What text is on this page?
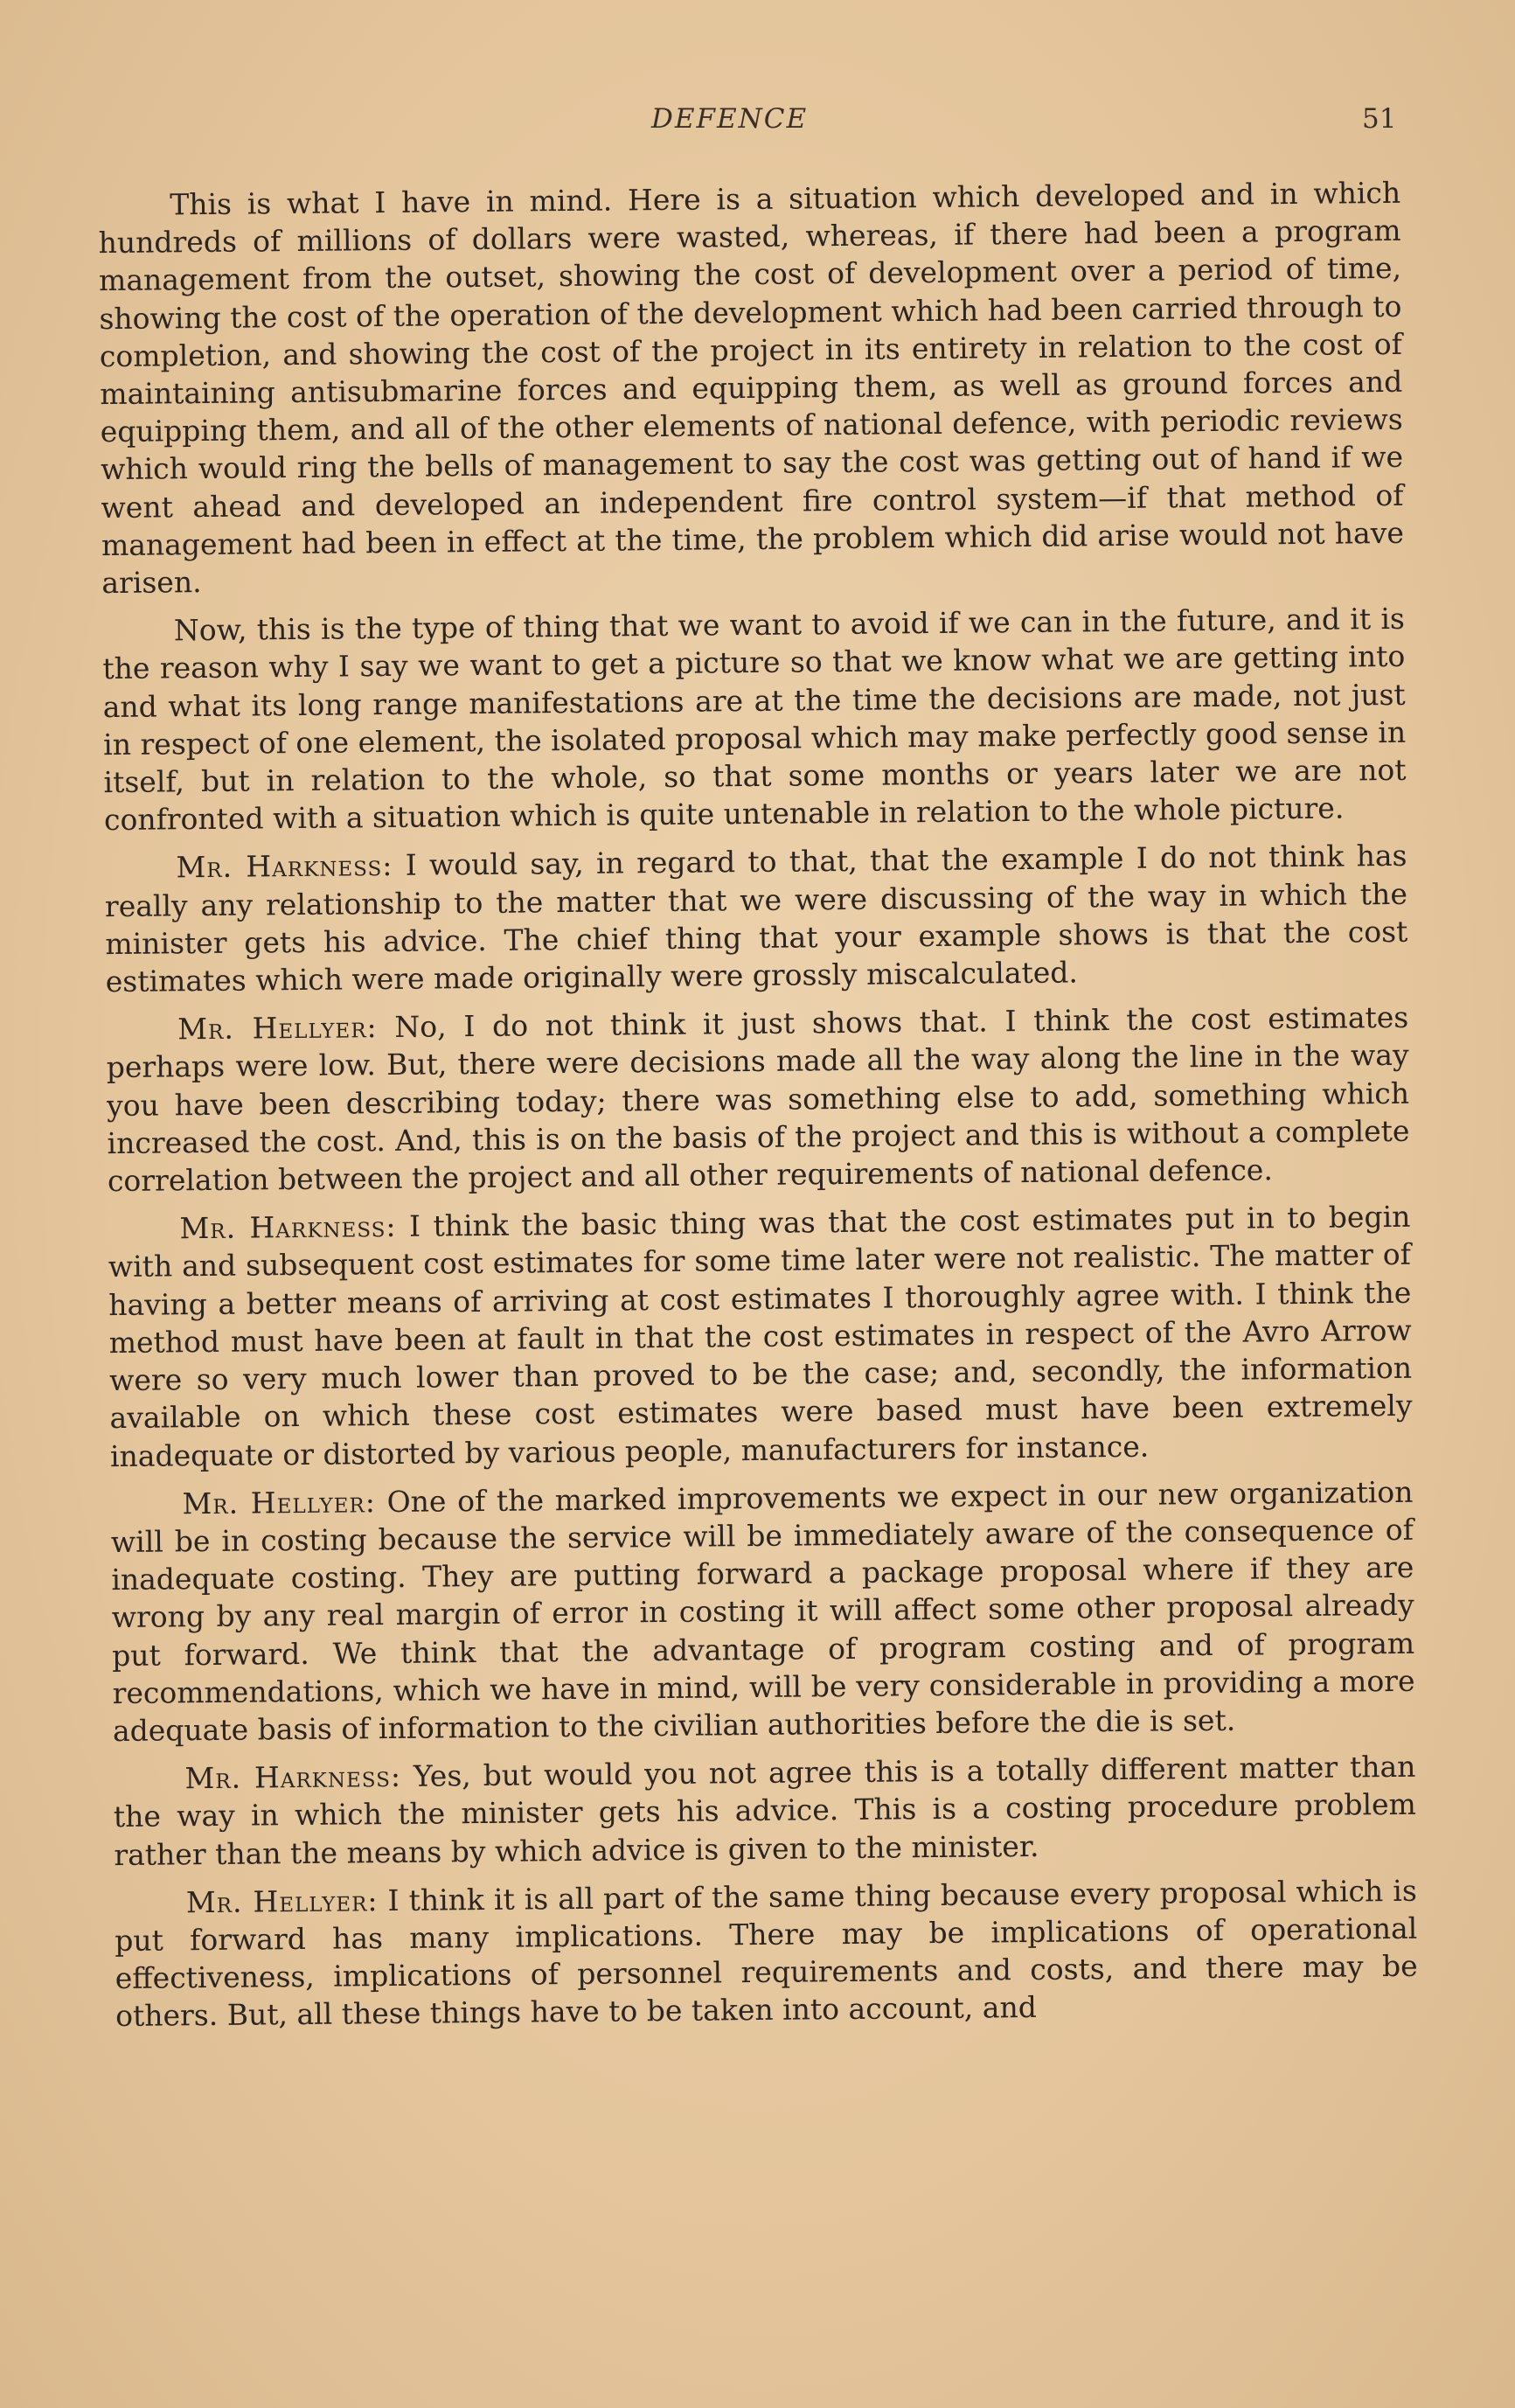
DEFENCE	51

This is what I have in mind. Here is a situation which developed and in which hundreds of millions of dollars were wasted, whereas, if there had been a program management from the outset, showing the cost of development over a period of time, showing the cost of the operation of the development which had been carried through to completion, and showing the cost of the project in its entirety in relation to the cost of maintaining antisubmarine forces and equipping them, as well as ground forces and equipping them, and all of the other elements of national defence, with periodic reviews which would ring the bells of management to say the cost was getting out of hand if we went ahead and developed an independent fire control system—if that method of management had been in effect at the time, the problem which did arise would not have arisen.

Now, this is the type of thing that we want to avoid if we can in the future, and it is the reason why I say we want to get a picture so that we know what we are getting into and what its long range manifestations are at the time the decisions are made, not just in respect of one element, the isolated proposal which may make perfectly good sense in itself, but in relation to the whole, so that some months or years later we are not confronted with a situation which is quite untenable in relation to the whole picture.

Mr. Harkness: I would say, in regard to that, that the example I do not think has really any relationship to the matter that we were discussing of the way in which the minister gets his advice. The chief thing that your example shows is that the cost estimates which were made originally were grossly miscalculated.

Mr. Hellyer: No, I do not think it just shows that. I think the cost estimates perhaps were low. But, there were decisions made all the way along the line in the way you have been describing today; there was something else to add, something which increased the cost. And, this is on the basis of the project and this is without a complete correlation between the project and all other requirements of national defence.

Mr. Harkness: I think the basic thing was that the cost estimates put in to begin with and subsequent cost estimates for some time later were not realistic. The matter of having a better means of arriving at cost estimates I thoroughly agree with. I think the method must have been at fault in that the cost estimates in respect of the Avro Arrow were so very much lower than proved to be the case; and, secondly, the information available on which these cost estimates were based must have been extremely inadequate or distorted by various people, manufacturers for instance.

Mr. Hellyer: One of the marked improvements we expect in our new organization will be in costing because the service will be immediately aware of the consequence of inadequate costing. They are putting forward a package proposal where if they are wrong by any real margin of error in costing it will affect some other proposal already put forward. We think that the advantage of program costing and of program recommendations, which we have in mind, will be very considerable in providing a more adequate basis of information to the civilian authorities before the die is set.

Mr. Harkness: Yes, but would you not agree this is a totally different matter than the way in which the minister gets his advice. This is a costing procedure problem rather than the means by which advice is given to the minister.

Mr. Hellyer: I think it is all part of the same thing because every proposal which is put forward has many implications. There may be implications of operational effectiveness, implications of personnel requirements and costs, and there may be others. But, all these things have to be taken into account, and
